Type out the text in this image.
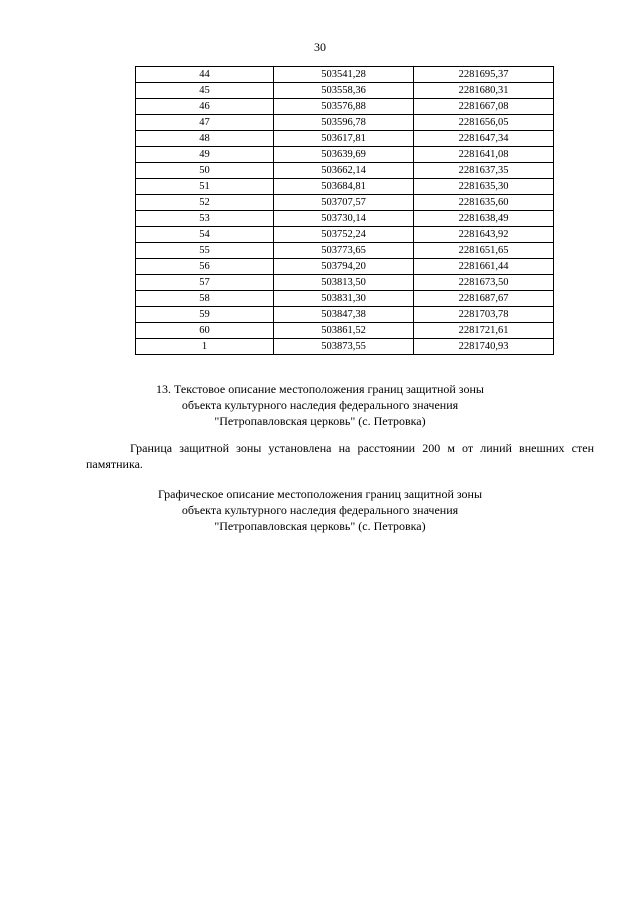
30
44	503541,28	2281695,37
45	503558,36	2281680,31
46	503576,88	2281667,08
47	503596,78	2281656,05
48	503617,81	2281647,34
49	503639,69	2281641,08
50	503662,14	2281637,35
51	503684,81	2281635,30
52	503707,57	2281635,60
53	503730,14	2281638,49
54	503752,24	2281643,92
55	503773,65	2281651,65
56	503794,20	2281661,44
57	503813,50	2281673,50
58	503831,30	2281687,67
59	503847,38	2281703,78
60	503861,52	2281721,61
1	503873,55	2281740,93
13. Текстовое описание местоположения границ защитной зоны
объекта культурного наследия федерального значения
"Петропавловская церковь" (с. Петровка)
Граница защитной зоны установлена на расстоянии 200 м от линий внешних стен памятника.
Графическое описание местоположения границ защитной зоны
объекта культурного наследия федерального значения
"Петропавловская церковь" (с. Петровка)
